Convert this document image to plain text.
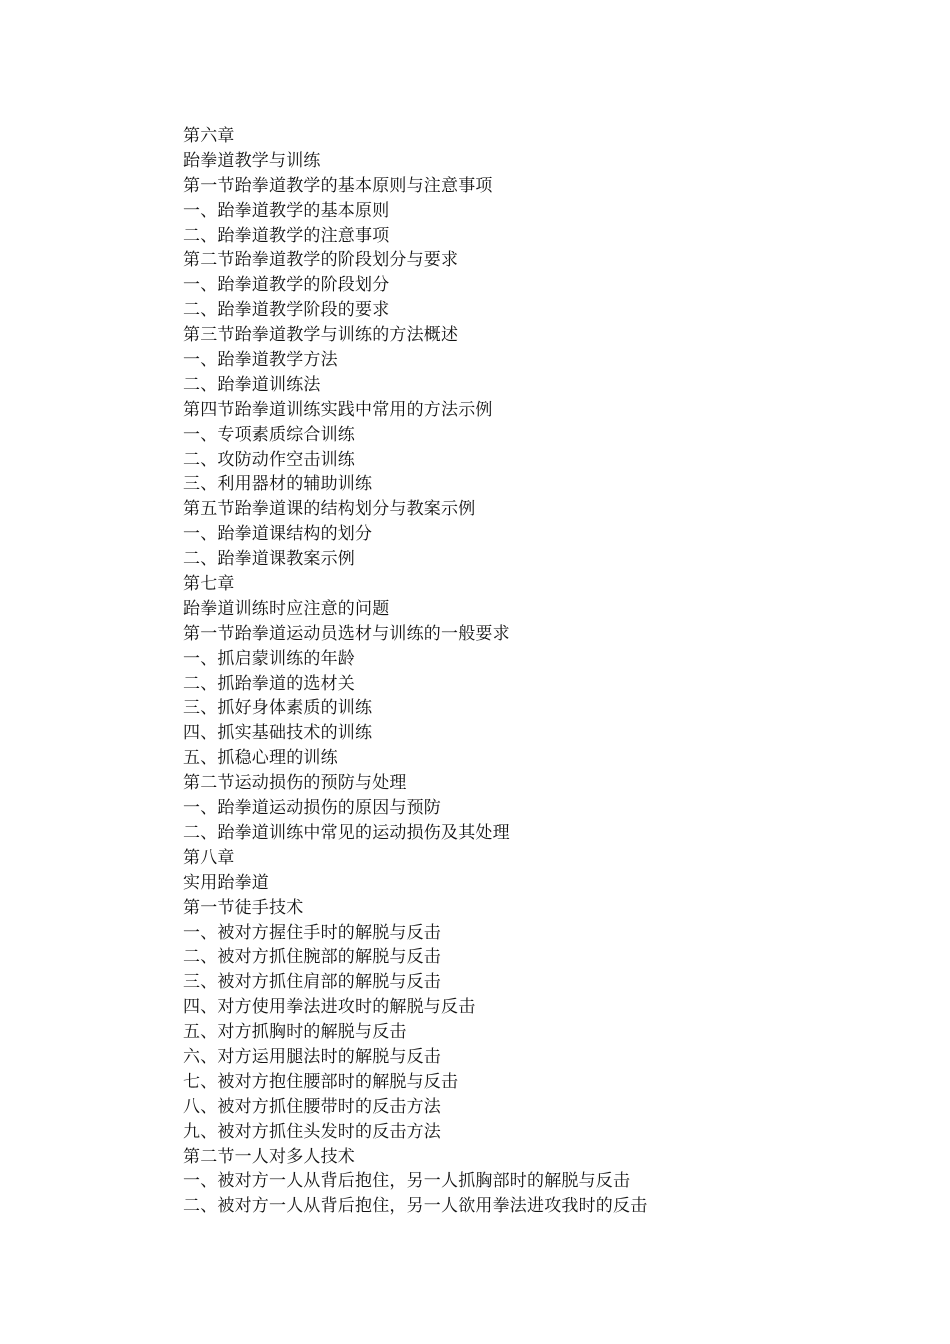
第六章
跆拳道教学与训练
第一节跆拳道教学的基本原则与注意事项
一、跆拳道教学的基本原则
二、跆拳道教学的注意事项
第二节跆拳道教学的阶段划分与要求
一、跆拳道教学的阶段划分
二、跆拳道教学阶段的要求
第三节跆拳道教学与训练的方法概述
一、跆拳道教学方法
二、跆拳道训练法
第四节跆拳道训练实践中常用的方法示例
一、专项素质综合训练
二、攻防动作空击训练
三、利用器材的辅助训练
第五节跆拳道课的结构划分与教案示例
一、跆拳道课结构的划分
二、跆拳道课教案示例
第七章
跆拳道训练时应注意的问题
第一节跆拳道运动员选材与训练的一般要求
一、抓启蒙训练的年龄
二、抓跆拳道的选材关
三、抓好身体素质的训练
四、抓实基础技术的训练
五、抓稳心理的训练
第二节运动损伤的预防与处理
一、跆拳道运动损伤的原因与预防
二、跆拳道训练中常见的运动损伤及其处理
第八章
实用跆拳道
第一节徒手技术
一、被对方握住手时的解脱与反击
二、被对方抓住腕部的解脱与反击
三、被对方抓住肩部的解脱与反击
四、对方使用拳法进攻时的解脱与反击
五、对方抓胸时的解脱与反击
六、对方运用腿法时的解脱与反击
七、被对方抱住腰部时的解脱与反击
八、被对方抓住腰带时的反击方法
九、被对方抓住头发时的反击方法
第二节一人对多人技术
一、被对方一人从背后抱住，另一人抓胸部时的解脱与反击
二、被对方一人从背后抱住，另一人欲用拳法进攻我时的反击
